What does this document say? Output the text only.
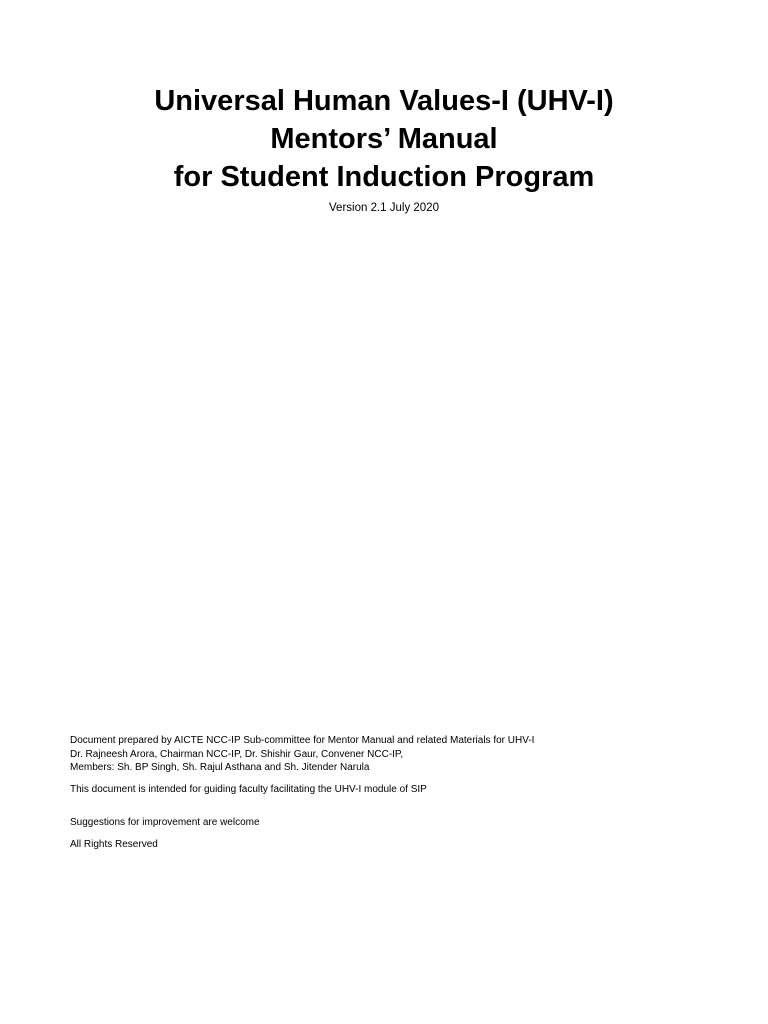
Universal Human Values-I (UHV-I)

Mentors’ Manual

for Student Induction Program

Version 2.1 July 2020

Document prepared by AICTE NCC-IP Sub-committee for Mentor Manual and related Materials for UHV-I

Dr. Rajneesh Arora, Chairman NCC-IP, Dr. Shishir Gaur, Convener NCC-IP,

Members: Sh. BP Singh, Sh. Rajul Asthana and Sh. Jitender Narula

This document is intended for guiding faculty facilitating the UHV-I module of SIP

Suggestions for improvement are welcome

All Rights Reserved
